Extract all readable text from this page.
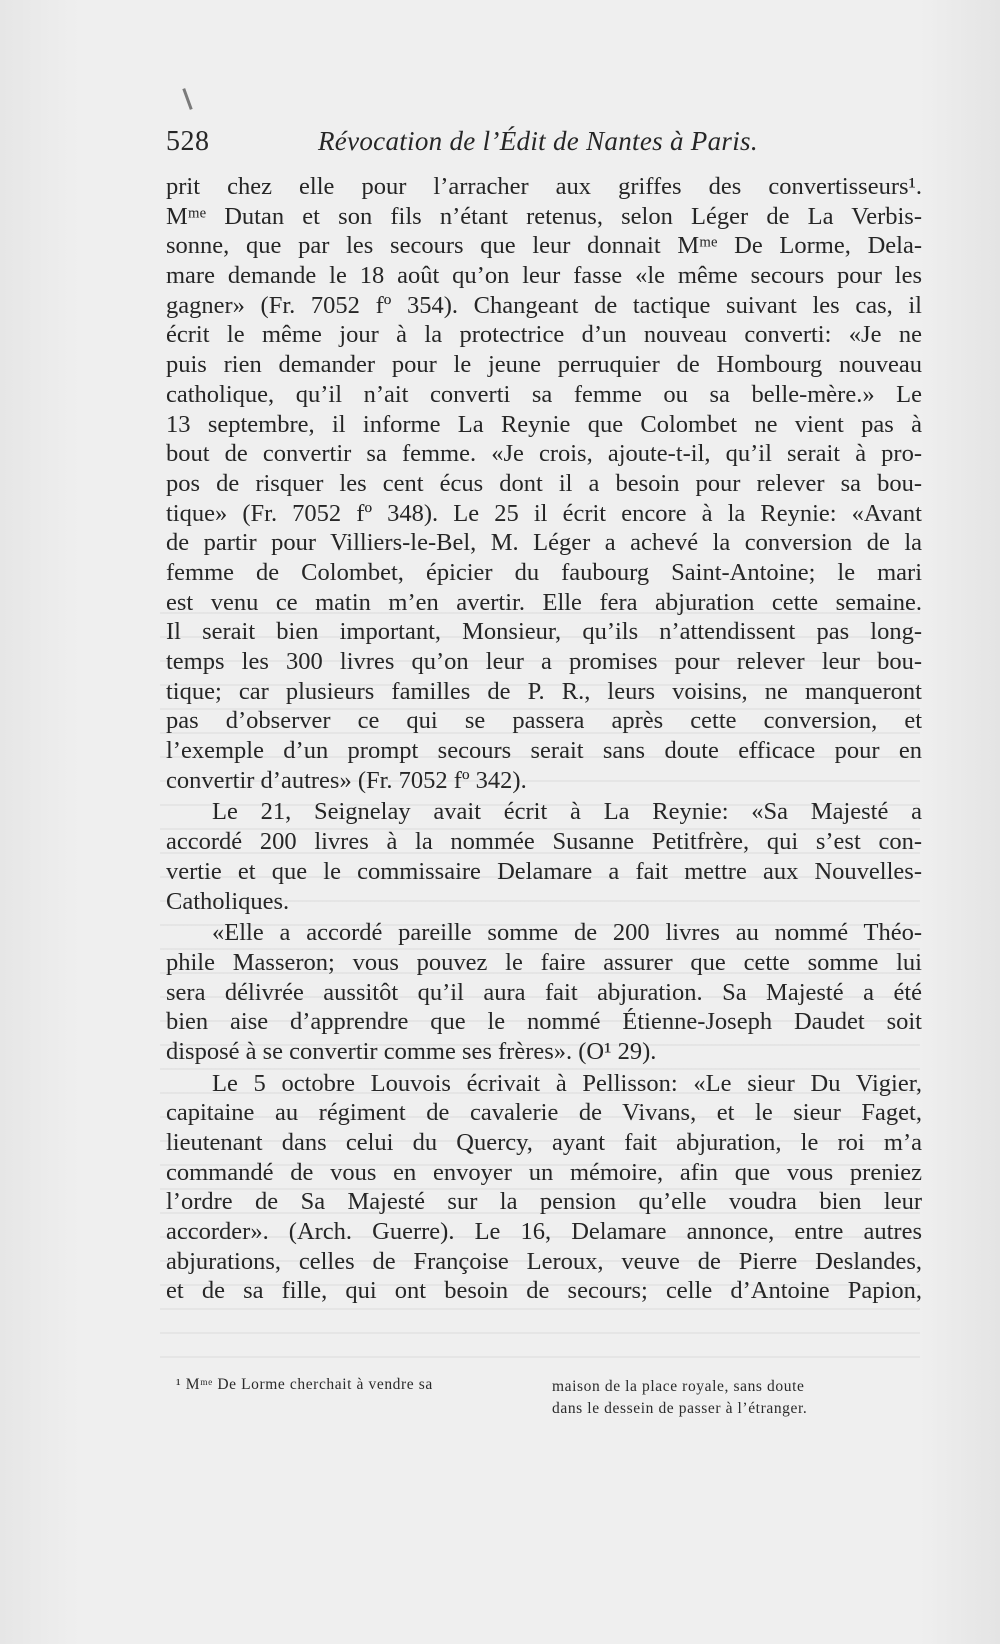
528	Révocation de l’Édit de Nantes à Paris.
prit chez elle pour l’arracher aux griffes des convertisseurs¹.
Mᵐᵉ Dutan et son fils n’étant retenus, selon Léger de La Verbis-
sonne, que par les secours que leur donnait Mᵐᵉ De Lorme, Dela-
mare demande le 18 août qu’on leur fasse «le même secours pour les
gagner» (Fr. 7052 fº 354). Changeant de tactique suivant les cas, il
écrit le même jour à la protectrice d’un nouveau converti: «Je ne
puis rien demander pour le jeune perruquier de Hombourg nouveau
catholique, qu’il n’ait converti sa femme ou sa belle-mère.» Le
13 septembre, il informe La Reynie que Colombet ne vient pas à
bout de convertir sa femme. «Je crois, ajoute-t-il, qu’il serait à pro-
pos de risquer les cent écus dont il a besoin pour relever sa bou-
tique» (Fr. 7052 fº 348). Le 25 il écrit encore à la Reynie: «Avant
de partir pour Villiers-le-Bel, M. Léger a achevé la conversion de la
femme de Colombet, épicier du faubourg Saint-Antoine; le mari
est venu ce matin m’en avertir. Elle fera abjuration cette semaine.
Il serait bien important, Monsieur, qu’ils n’attendissent pas long-
temps les 300 livres qu’on leur a promises pour relever leur bou-
tique; car plusieurs familles de P. R., leurs voisins, ne manqueront
pas d’observer ce qui se passera après cette conversion, et
l’exemple d’un prompt secours serait sans doute efficace pour en
convertir d’autres» (Fr. 7052 fº 342).
Le 21, Seignelay avait écrit à La Reynie: «Sa Majesté a
accordé 200 livres à la nommée Susanne Petitfrère, qui s’est con-
vertie et que le commissaire Delamare a fait mettre aux Nouvelles-
Catholiques.
«Elle a accordé pareille somme de 200 livres au nommé Théo-
phile Masseron; vous pouvez le faire assurer que cette somme lui
sera délivrée aussitôt qu’il aura fait abjuration. Sa Majesté a été
bien aise d’apprendre que le nommé Étienne-Joseph Daudet soit
disposé à se convertir comme ses frères». (O¹ 29).
Le 5 octobre Louvois écrivait à Pellisson: «Le sieur Du Vigier,
capitaine au régiment de cavalerie de Vivans, et le sieur Faget,
lieutenant dans celui du Quercy, ayant fait abjuration, le roi m’a
commandé de vous en envoyer un mémoire, afin que vous preniez
l’ordre de Sa Majesté sur la pension qu’elle voudra bien leur
accorder». (Arch. Guerre). Le 16, Delamare annonce, entre autres
abjurations, celles de Françoise Leroux, veuve de Pierre Deslandes,
et de sa fille, qui ont besoin de secours; celle d’Antoine Papion,
¹ Mᵐᵉ De Lorme cherchait à vendre sa	maison de la place royale, sans doute
dans le dessein de passer à l’étranger.
